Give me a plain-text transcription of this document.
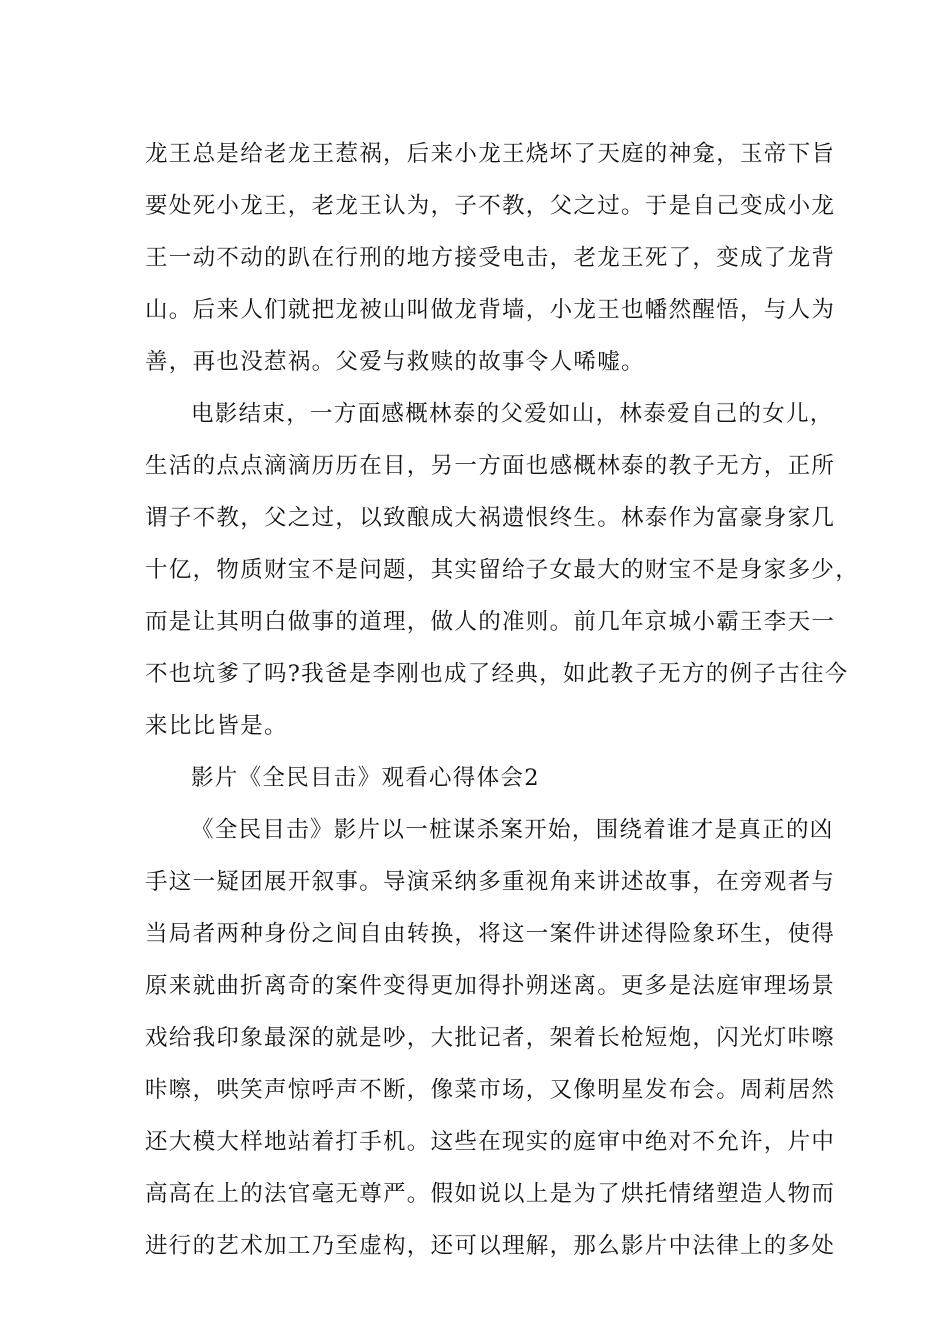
龙王总是给老龙王惹祸，后来小龙王烧坏了天庭的神龛，玉帝下旨
要处死小龙王，老龙王认为，子不教，父之过。于是自己变成小龙
王一动不动的趴在行刑的地方接受电击，老龙王死了，变成了龙背
山。后来人们就把龙被山叫做龙背墙，小龙王也幡然醒悟，与人为
善，再也没惹祸。父爱与救赎的故事令人唏嘘。
电影结束，一方面感概林泰的父爱如山，林泰爱自己的女儿，
生活的点点滴滴历历在目，另一方面也感概林泰的教子无方，正所
谓子不教，父之过，以致酿成大祸遗恨终生。林泰作为富豪身家几
十亿，物质财宝不是问题，其实留给子女最大的财宝不是身家多少，
而是让其明白做事的道理，做人的准则。前几年京城小霸王李天一
不也坑爹了吗?我爸是李刚也成了经典，如此教子无方的例子古往今
来比比皆是。
影片《全民目击》观看心得体会2
《全民目击》影片以一桩谋杀案开始，围绕着谁才是真正的凶
手这一疑团展开叙事。导演采纳多重视角来讲述故事，在旁观者与
当局者两种身份之间自由转换，将这一案件讲述得险象环生，使得
原来就曲折离奇的案件变得更加得扑朔迷离。更多是法庭审理场景
戏给我印象最深的就是吵，大批记者，架着长枪短炮，闪光灯咔嚓
咔嚓，哄笑声惊呼声不断，像菜市场，又像明星发布会。周莉居然
还大模大样地站着打手机。这些在现实的庭审中绝对不允许，片中
高高在上的法官毫无尊严。假如说以上是为了烘托情绪塑造人物而
进行的艺术加工乃至虚构，还可以理解，那么影片中法律上的多处
